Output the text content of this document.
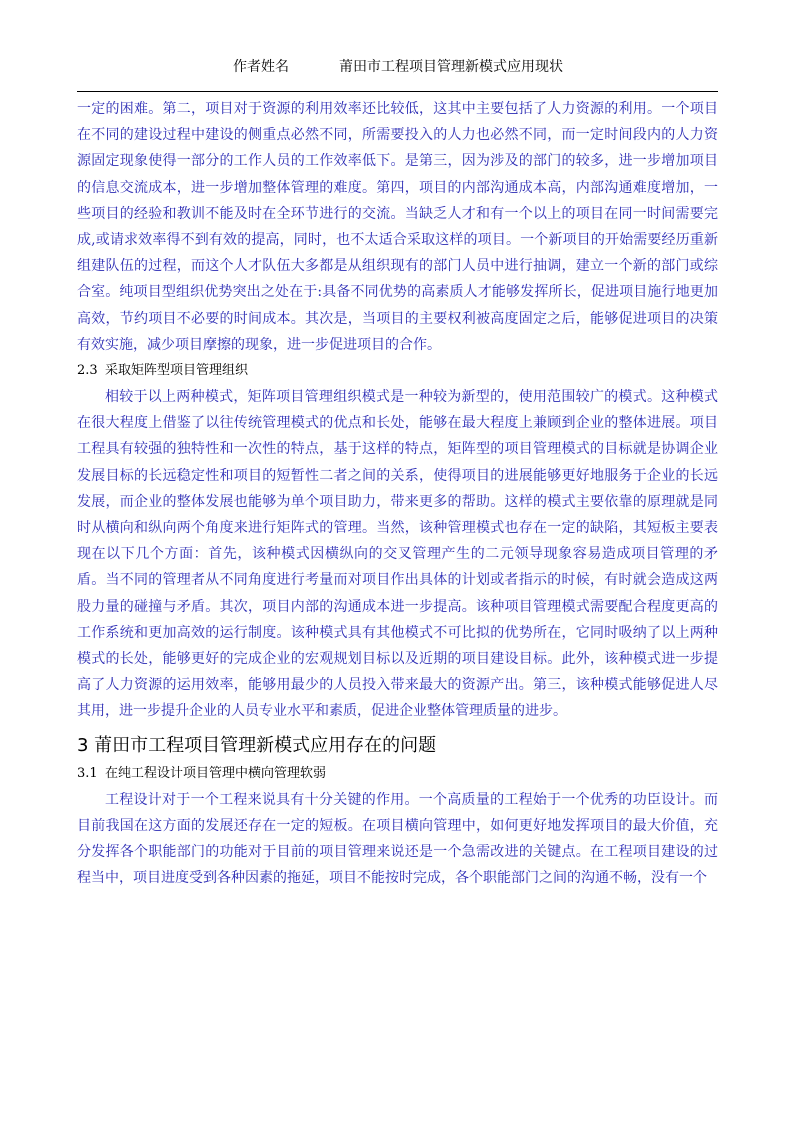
作者姓名	莆田市工程项目管理新模式应用现状

一定的困难。第二，项目对于资源的利用效率还比较低，这其中主要包括了人力资源的利用。一个项目在不同的建设过程中建设的侧重点必然不同，所需要投入的人力也必然不同，而一定时间段内的人力资源固定现象使得一部分的工作人员的工作效率低下。是第三，因为涉及的部门的较多，进一步增加项目的信息交流成本，进一步增加整体管理的难度。第四，项目的内部沟通成本高，内部沟通难度增加，一些项目的经验和教训不能及时在全环节进行的交流。当缺乏人才和有一个以上的项目在同一时间需要完成,或请求效率得不到有效的提高，同时，也不太适合采取这样的项目。一个新项目的开始需要经历重新组建队伍的过程，而这个人才队伍大多都是从组织现有的部门人员中进行抽调，建立一个新的部门或综合室。纯项目型组织优势突出之处在于:具备不同优势的高素质人才能够发挥所长，促进项目施行地更加高效，节约项目不必要的时间成本。其次是，当项目的主要权利被高度固定之后，能够促进项目的决策有效实施，减少项目摩擦的现象，进一步促进项目的合作。

2.3 采取矩阵型项目管理组织

相较于以上两种模式，矩阵项目管理组织模式是一种较为新型的，使用范围较广的模式。这种模式在很大程度上借鉴了以往传统管理模式的优点和长处，能够在最大程度上兼顾到企业的整体进展。项目工程具有较强的独特性和一次性的特点，基于这样的特点，矩阵型的项目管理模式的目标就是协调企业发展目标的长远稳定性和项目的短暂性二者之间的关系，使得项目的进展能够更好地服务于企业的长远发展，而企业的整体发展也能够为单个项目助力，带来更多的帮助。这样的模式主要依靠的原理就是同时从横向和纵向两个角度来进行矩阵式的管理。当然，该种管理模式也存在一定的缺陷，其短板主要表现在以下几个方面：首先，该种模式因横纵向的交叉管理产生的二元领导现象容易造成项目管理的矛盾。当不同的管理者从不同角度进行考量而对项目作出具体的计划或者指示的时候，有时就会造成这两股力量的碰撞与矛盾。其次，项目内部的沟通成本进一步提高。该种项目管理模式需要配合程度更高的工作系统和更加高效的运行制度。该种模式具有其他模式不可比拟的优势所在，它同时吸纳了以上两种模式的长处，能够更好的完成企业的宏观规划目标以及近期的项目建设目标。此外，该种模式进一步提高了人力资源的运用效率，能够用最少的人员投入带来最大的资源产出。第三，该种模式能够促进人尽其用，进一步提升企业的人员专业水平和素质，促进企业整体管理质量的进步。

3 莆田市工程项目管理新模式应用存在的问题

3.1 在纯工程设计项目管理中横向管理软弱

工程设计对于一个工程来说具有十分关键的作用。一个高质量的工程始于一个优秀的功臣设计。而目前我国在这方面的发展还存在一定的短板。在项目横向管理中，如何更好地发挥项目的最大价值，充分发挥各个职能部门的功能对于目前的项目管理来说还是一个急需改进的关键点。在工程项目建设的过程当中，项目进度受到各种因素的拖延，项目不能按时完成，各个职能部门之间的沟通不畅，没有一个
